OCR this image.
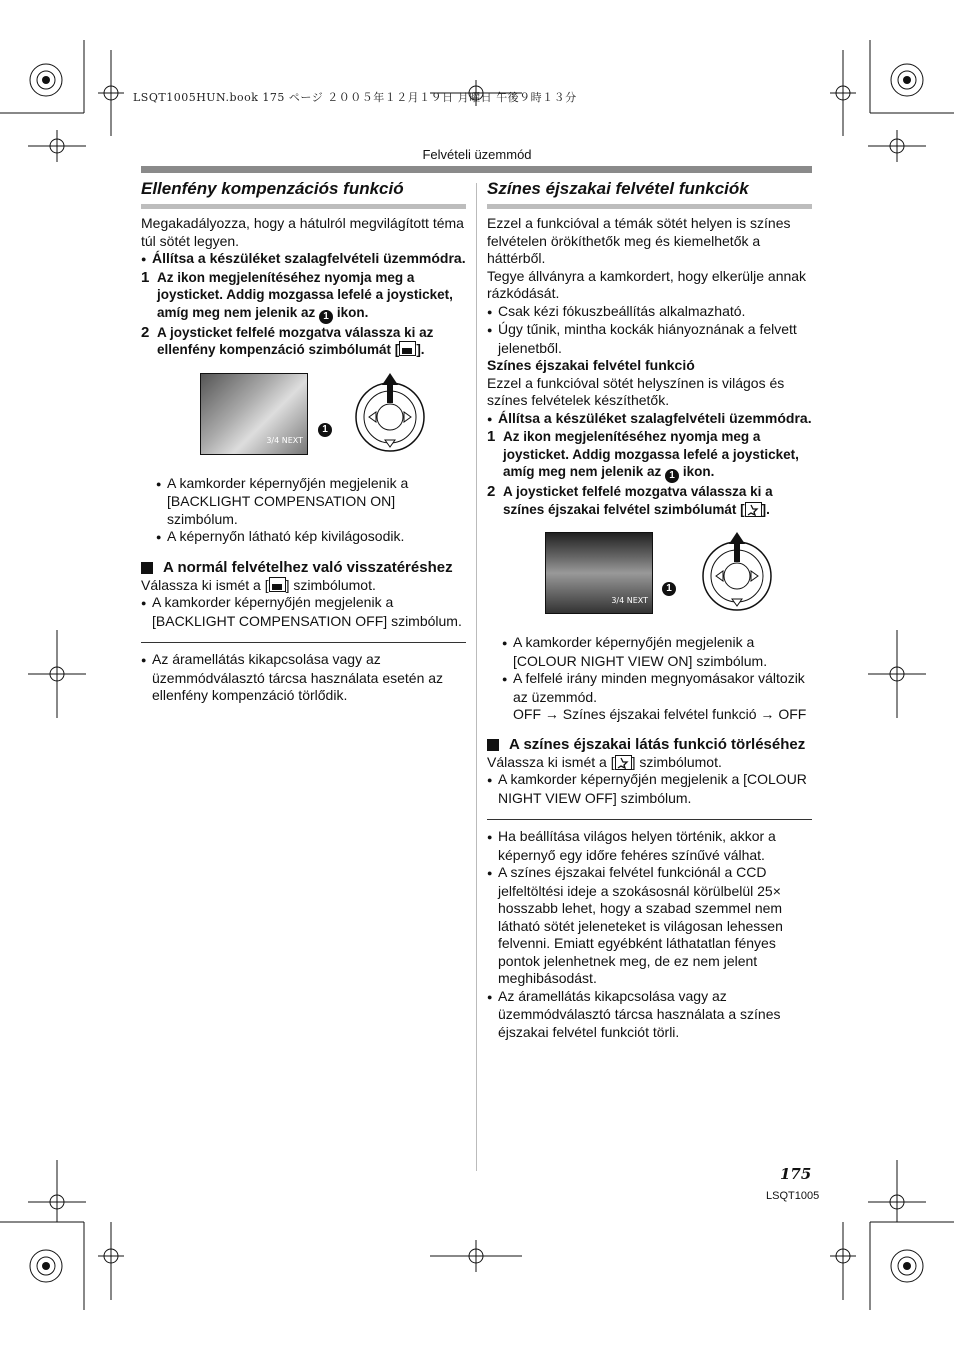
LSQT1005HUN.book 175 ページ ２００５年１２月１９日 月曜日 午後９時１３分
Felvételi üzemmód
Ellenfény kompenzációs funkció

Megakadályozza, hogy a hátulról megvilágított téma túl sötét legyen.

● Állítsa a készüléket szalagfelvételi üzemmódra.

1 Az ikon megjelenítéséhez nyomja meg a joysticket. Addig mozgassa lefelé a joysticket, amíg meg nem jelenik az 1 ikon.
2 A joysticket felfelé mozgatva válassza ki az ellenfény kompenzáció szimbólumát [ ].
3/4 NEXT
1

● A kamkorder képernyőjén megjelenik a [BACKLIGHT COMPENSATION ON] szimbólum.

● A képernyőn látható kép kivilágosodik.

A normál felvételhez való visszatéréshez

Válassza ki ismét a [ ] szimbólumot.

● A kamkorder képernyőjén megjelenik a [BACKLIGHT COMPENSATION OFF] szimbólum.

● Az áramellátás kikapcsolása vagy az üzemmódválasztó tárcsa használata esetén az ellenfény kompenzáció törlődik.

Színes éjszakai felvétel funkciók

Ezzel a funkcióval a témák sötét helyen is színes felvételen örökíthetők meg és kiemelhetők a háttérből.

Tegye állványra a kamkordert, hogy elkerülje annak rázkódását.

● Csak kézi fókuszbeállítás alkalmazható.

● Úgy tűnik, mintha kockák hiányoznának a felvett jelenetből.

Színes éjszakai felvétel funkció

Ezzel a funkcióval sötét helyszínen is világos és színes felvételek készíthetők.

● Állítsa a készüléket szalagfelvételi üzemmódra.

1 Az ikon megjelenítéséhez nyomja meg a joysticket. Addig mozgassa lefelé a joysticket, amíg meg nem jelenik az 1 ikon.
2 A joysticket felfelé mozgatva válassza ki a színes éjszakai felvétel szimbólumát [ ].
3/4 NEXT
1

● A kamkorder képernyőjén megjelenik a [COLOUR NIGHT VIEW ON] szimbólum.

● A felfelé irány minden megnyomásakor változik az üzemmód.

OFF → Színes éjszakai felvétel funkció → OFF

A színes éjszakai látás funkció törléséhez

Válassza ki ismét a [ ] szimbólumot.

● A kamkorder képernyőjén megjelenik a [COLOUR NIGHT VIEW OFF] szimbólum.

● Ha beállítása világos helyen történik, akkor a képernyő egy időre fehéres színűvé válhat.

● A színes éjszakai felvétel funkciónál a CCD jelfeltöltési ideje a szokásosnál körülbelül 25× hosszabb lehet, hogy a szabad szemmel nem látható sötét jeleneteket is világosan lehessen felvenni. Emiatt egyébként láthatatlan fényes pontok jelenhetnek meg, de ez nem jelent meghibásodást.

● Az áramellátás kikapcsolása vagy az üzemmódválasztó tárcsa használata a színes éjszakai felvétel funkciót törli.

175
LSQT1005
